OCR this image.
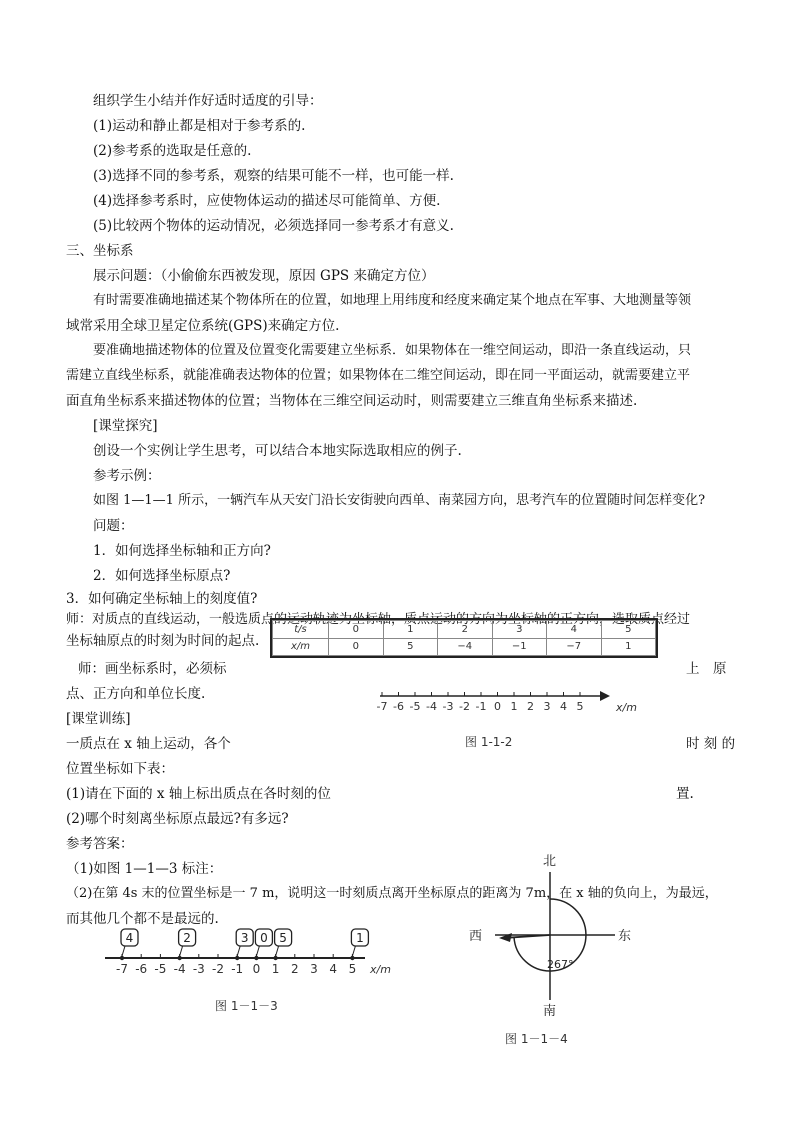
组织学生小结并作好适时适度的引导：
(1)运动和静止都是相对于参考系的.
(2)参考系的选取是任意的.
(3)选择不同的参考系，观察的结果可能不一样，也可能一样.
(4)选择参考系时，应使物体运动的描述尽可能简单、方便.
(5)比较两个物体的运动情况，必须选择同一参考系才有意义.
三、坐标系
展示问题：（小偷偷东西被发现，原因 GPS 来确定方位）
有时需要准确地描述某个物体所在的位置，如地理上用纬度和经度来确定某个地点在军事、大地测量等领
域常采用全球卫星定位系统(GPS)来确定方位.
要准确地描述物体的位置及位置变化需要建立坐标系．如果物体在一维空间运动，即沿一条直线运动，只
需建立直线坐标系，就能准确表达物体的位置；如果物体在二维空间运动，即在同一平面运动，就需要建立平
面直角坐标系来描述物体的位置；当物体在三维空间运动时，则需要建立三维直角坐标系来描述.
[课堂探究]
创设一个实例让学生思考，可以结合本地实际选取相应的例子.
参考示例：
如图 1—1—1 所示，一辆汽车从天安门沿长安街驶向西单、南菜园方向，思考汽车的位置随时间怎样变化?
问题：
1．如何选择坐标轴和正方向?
2．如何选择坐标原点?
3．如何确定坐标轴上的刻度值?
师：对质点的直线运动，一般选质点的运动轨迹为坐标轴，质点运动的方向为坐标轴的正方向，选取质点经过
坐标轴原点的时刻为时间的起点.
师：画坐标系时，必须标	上　原
点、正方向和单位长度.
[课堂训练]
一质点在 x 轴上运动，各个	时 刻 的
位置坐标如下表：
(1)请在下面的 x 轴上标出质点在各时刻的位	置.
(2)哪个时刻离坐标原点最远?有多远?
参考答案：
（1)如图 1—1—3 标注：
（2)在第 4s 末的位置坐标是一 7 m，说明这一时刻质点离开坐标原点的距离为 7m，在 x 轴的负向上，为最远，
而其他几个都不是最远的.
t/s	0	1	2	3	4	5
x/m	0	5	−4	−1	−7	1
-7 -6 -5 -4 -3 -2 -1 0 1 2 3 4 5	x/m
图 1-1-2
-7 -6 -5 -4 -3 -2 -1 0 1 2 3 4 5
4	2	3 0 5	1
x/m
图 1－1－3
北
南
西	东
267°
图 1－1－4
